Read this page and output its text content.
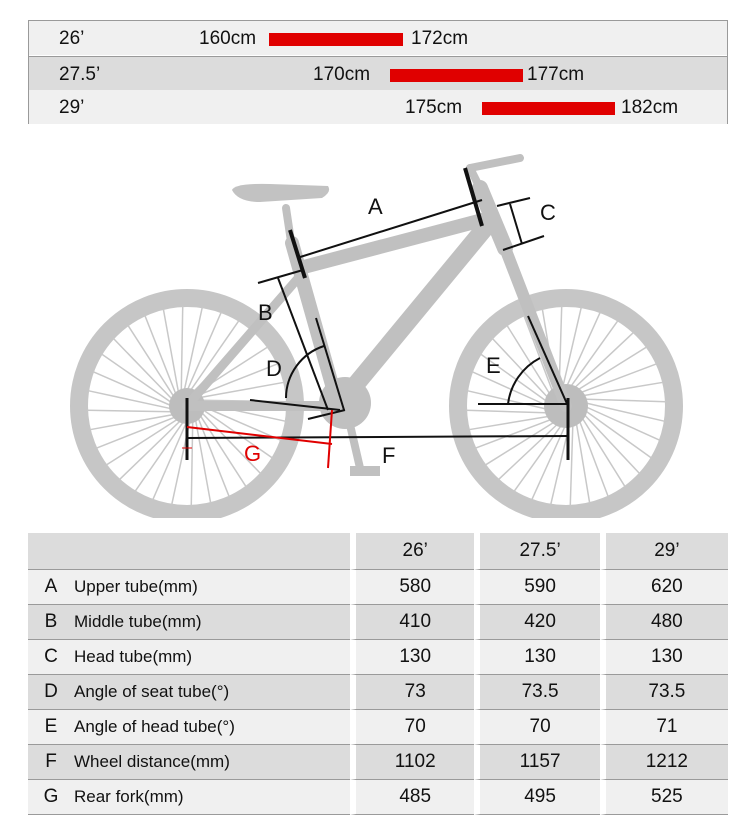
26’	160cm	172cm
27.5’	170cm	177cm
29’	175cm	182cm
A
B
C
D	E
F
G
		26’	27.5’	29’
A	Upper tube(mm)	580	590	620
B	Middle tube(mm)	410	420	480
C	Head tube(mm)	130	130	130
D	Angle of seat tube(°)	73	73.5	73.5
E	Angle of head tube(°)	70	70	71
F	Wheel distance(mm)	1102	1157	1212
G	Rear fork(mm)	485	495	525
